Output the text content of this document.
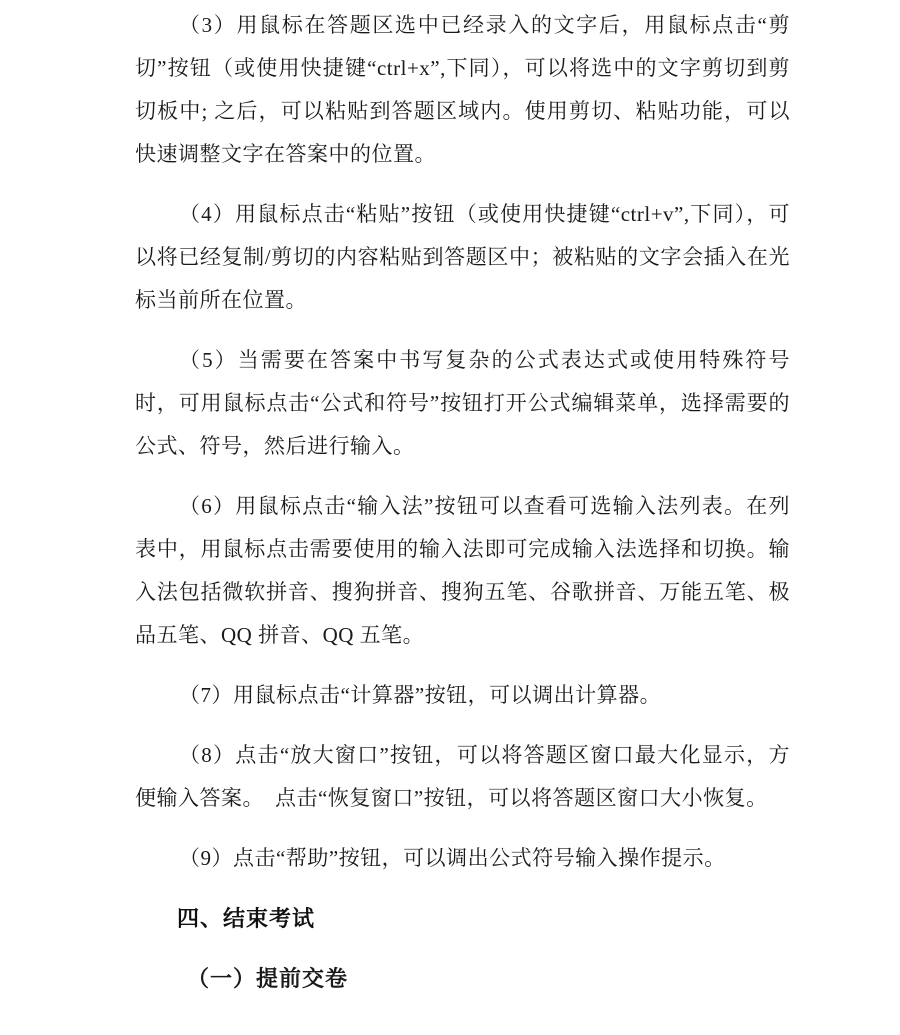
（3）用鼠标在答题区选中已经录入的文字后，用鼠标点击“剪切”按钮（或使用快捷键“ctrl+x”,下同），可以将选中的文字剪切到剪切板中; 之后，可以粘贴到答题区域内。使用剪切、粘贴功能，可以快速调整文字在答案中的位置。

（4）用鼠标点击“粘贴”按钮（或使用快捷键“ctrl+v”,下同），可以将已经复制/剪切的内容粘贴到答题区中；被粘贴的文字会插入在光标当前所在位置。

（5）当需要在答案中书写复杂的公式表达式或使用特殊符号时，可用鼠标点击“公式和符号”按钮打开公式编辑菜单，选择需要的公式、符号，然后进行输入。

（6）用鼠标点击“输入法”按钮可以查看可选输入法列表。在列表中，用鼠标点击需要使用的输入法即可完成输入法选择和切换。输入法包括微软拼音、搜狗拼音、搜狗五笔、谷歌拼音、万能五笔、极品五笔、QQ 拼音、QQ 五笔。

（7）用鼠标点击“计算器”按钮，可以调出计算器。

（8）点击“放大窗口”按钮，可以将答题区窗口最大化显示，方便输入答案。　点击“恢复窗口”按钮，可以将答题区窗口大小恢复。

（9）点击“帮助”按钮，可以调出公式符号输入操作提示。

四、结束考试
（一）提前交卷
